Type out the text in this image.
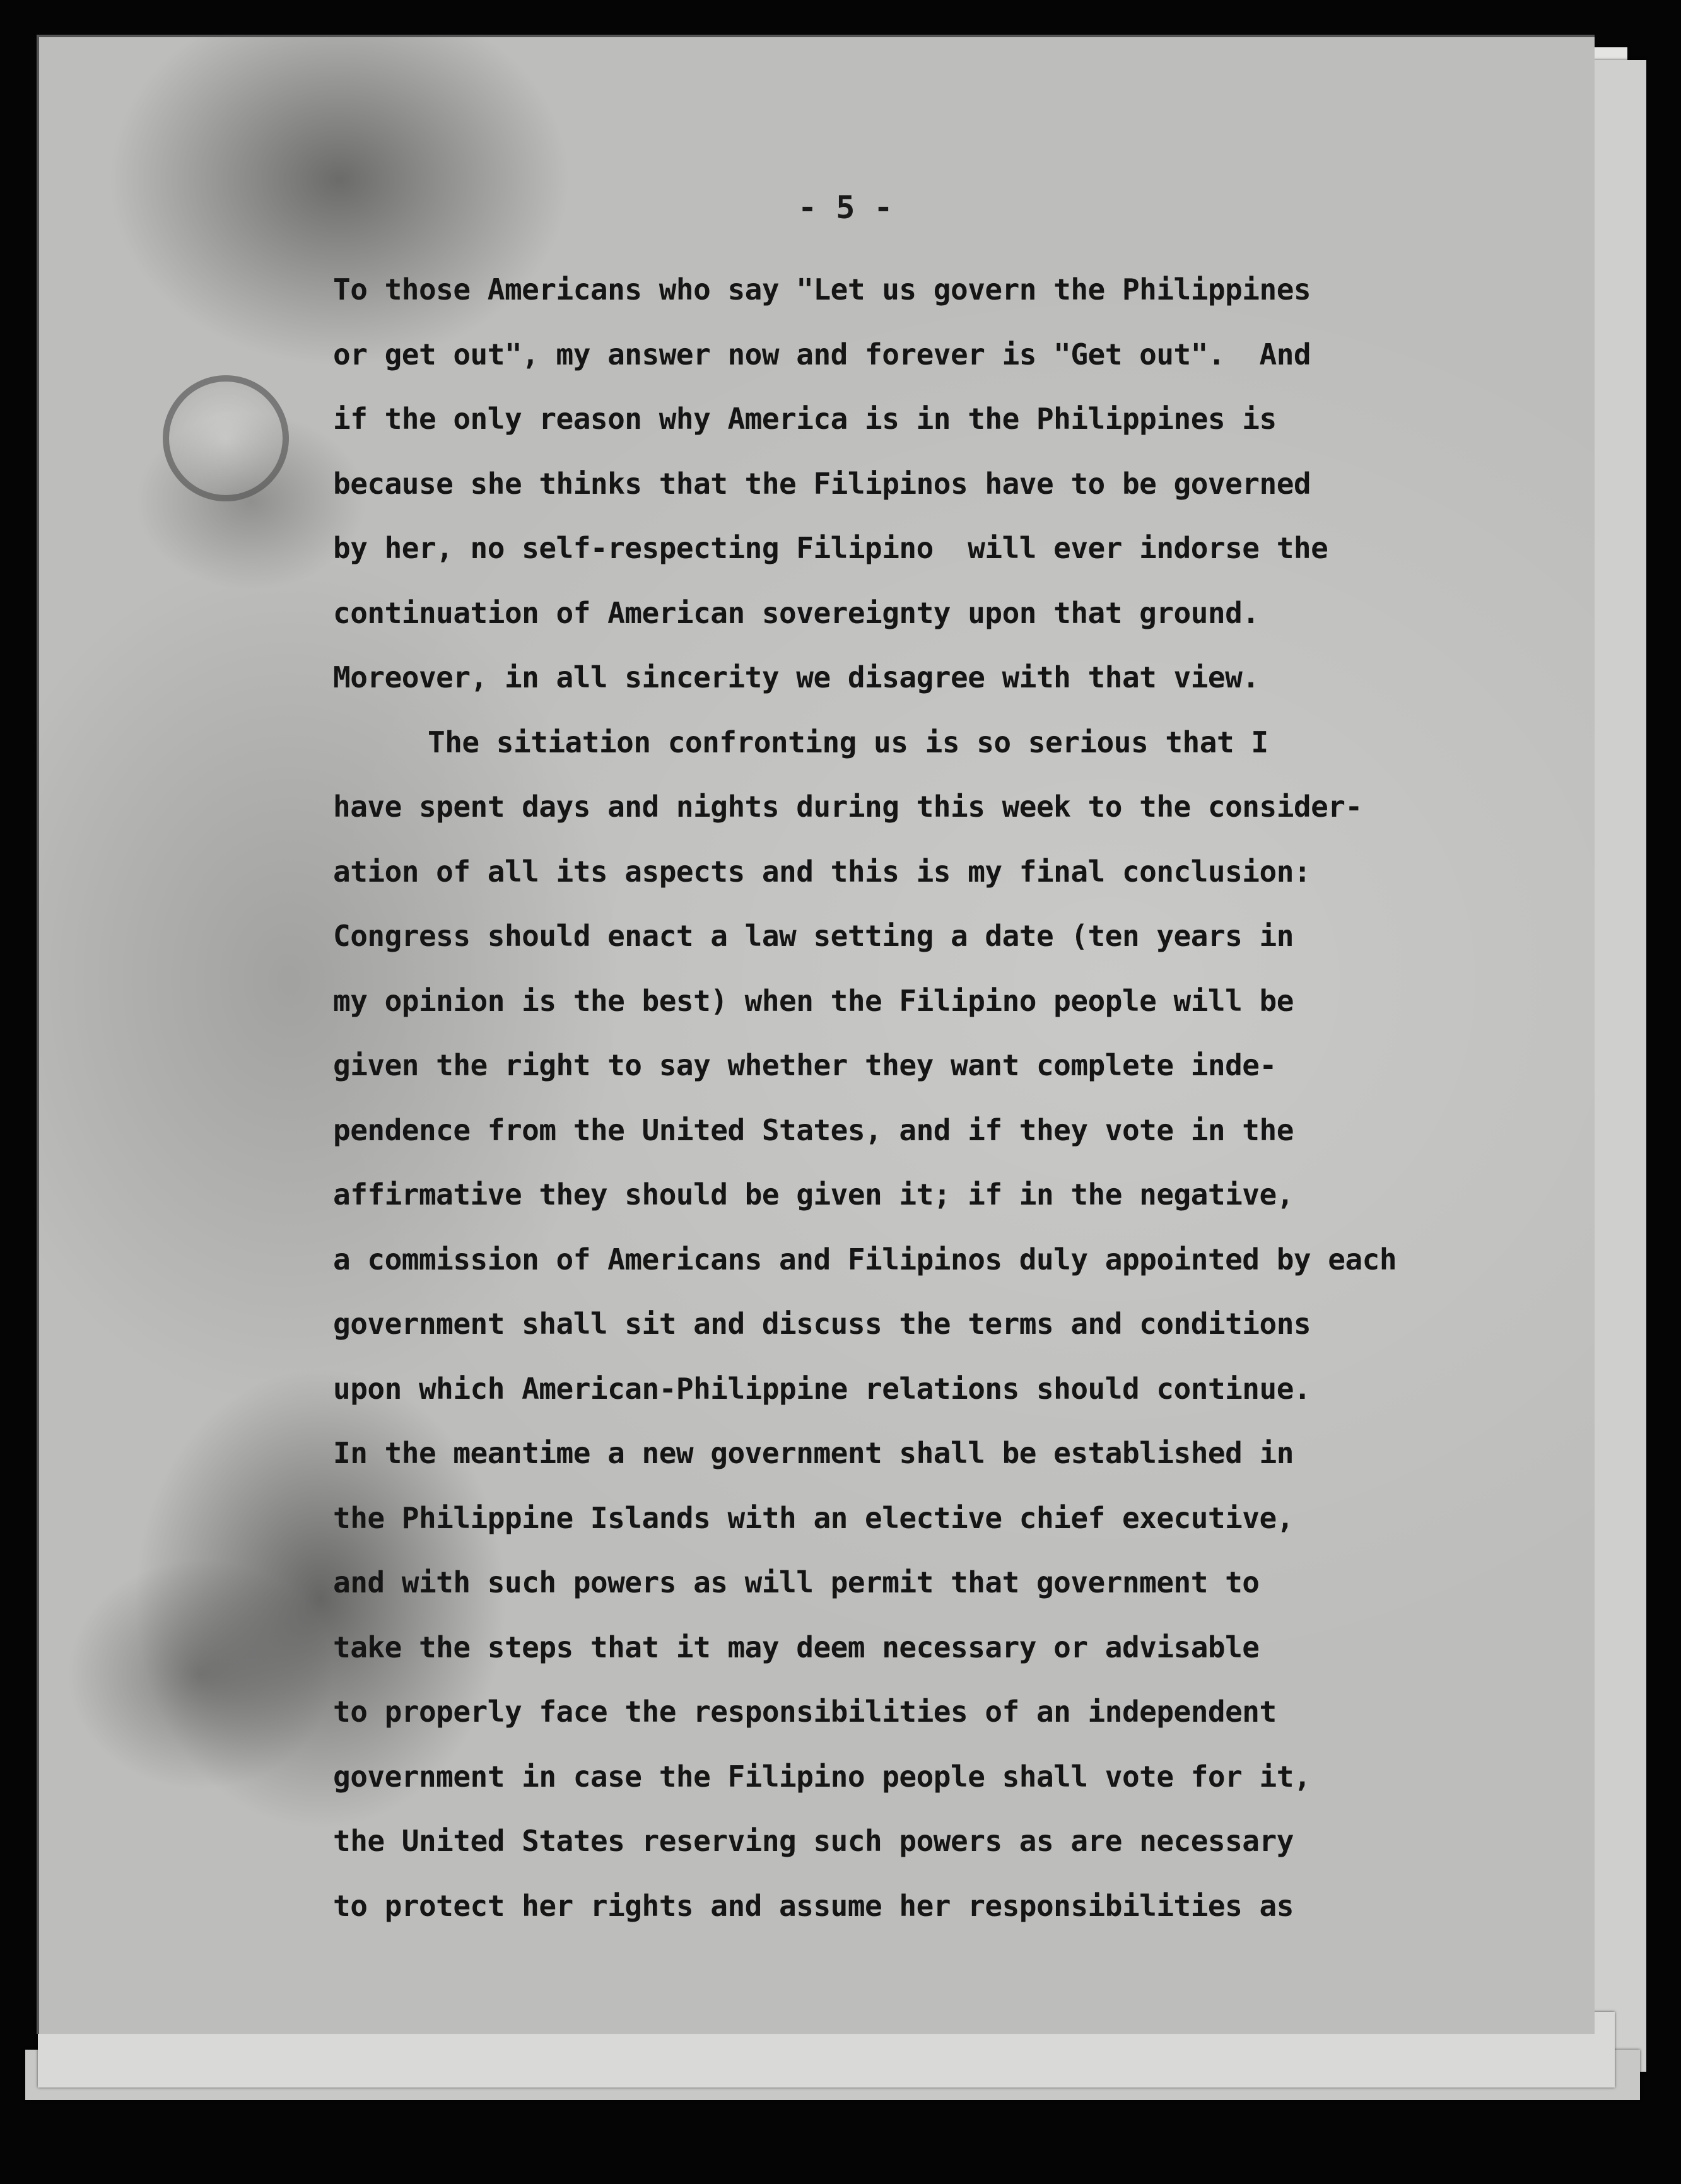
- 5 -
To those Americans who say "Let us govern the Philippines
or get out", my answer now and forever is "Get out".  And
if the only reason why America is in the Philippines is
because she thinks that the Filipinos have to be governed
by her, no self-respecting Filipino  will ever indorse the
continuation of American sovereignty upon that ground.
Moreover, in all sincerity we disagree with that view.
The sitiation confronting us is so serious that I
have spent days and nights during this week to the consider-
ation of all its aspects and this is my final conclusion:
Congress should enact a law setting a date (ten years in
my opinion is the best) when the Filipino people will be
given the right to say whether they want complete inde-
pendence from the United States, and if they vote in the
affirmative they should be given it; if in the negative,
a commission of Americans and Filipinos duly appointed by each
government shall sit and discuss the terms and conditions
upon which American-Philippine relations should continue.
In the meantime a new government shall be established in
the Philippine Islands with an elective chief executive,
and with such powers as will permit that government to
take the steps that it may deem necessary or advisable
to properly face the responsibilities of an independent
government in case the Filipino people shall vote for it,
the United States reserving such powers as are necessary
to protect her rights and assume her responsibilities as
